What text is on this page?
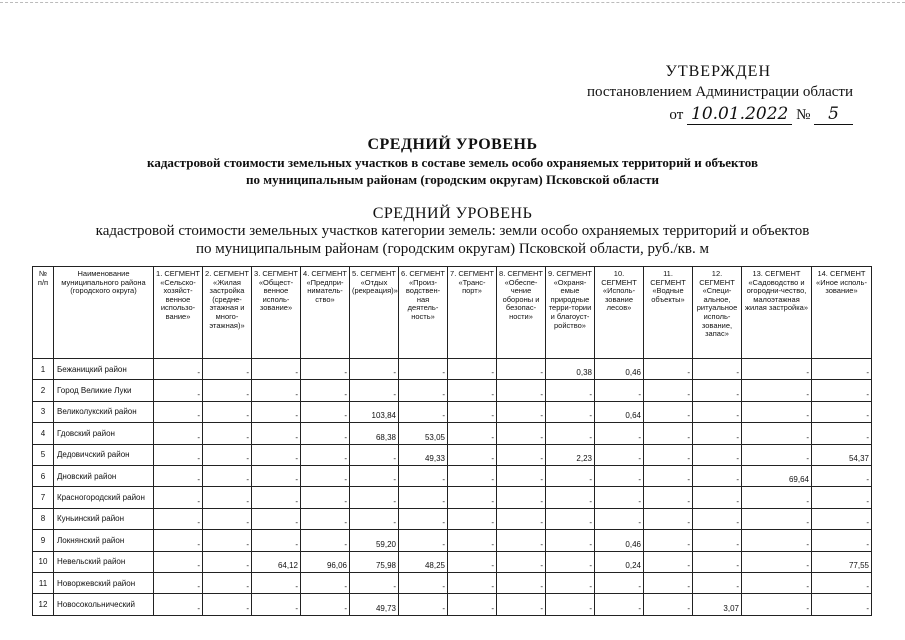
УТВЕРЖДЕН
постановлением Администрации области
от 10.01.2022 № 5
СРЕДНИЙ УРОВЕНЬ
кадастровой стоимости земельных участков в составе земель особо охраняемых территорий и объектов
по муниципальным районам (городским округам) Псковской области
СРЕДНИЙ УРОВЕНЬ
кадастровой стоимости земельных участков категории земель: земли особо охраняемых территорий и объектов
по муниципальным районам (городским округам) Псковской области, руб./кв. м
№ п/п	Наименование муниципального района (городского округа)	1. СЕГМЕНТ «Сельско-хозяйст-венное использо-вание»	2. СЕГМЕНТ «Жилая застройка (средне-этажная и много-этажная)»	3. СЕГМЕНТ «Общест-венное исполь-зование»	4. СЕГМЕНТ «Предпри-ниматель-ство»	5. СЕГМЕНТ «Отдых (рекреация)»	6. СЕГМЕНТ «Произ-водствен-ная деятель-ность»	7. СЕГМЕНТ «Транс-порт»	8. СЕГМЕНТ «Обеспе-чение обороны и безопас-ности»	9. СЕГМЕНТ «Охраня-емые природные терри-тории и благоуст-ройство»	10. СЕГМЕНТ «Исполь-зование лесов»	11. СЕГМЕНТ «Водные объекты»	12. СЕГМЕНТ «Специ-альное, ритуальное исполь-зование, запас»	13. СЕГМЕНТ «Садоводство и огородни-чество, малоэтажная жилая застройка»	14. СЕГМЕНТ «Иное исполь-зование»
1	Бежаницкий район	-	-	-	-	-	-	-	-	0,38	0,46	-	-	-	-
2	Город Великие Луки	-	-	-	-	-	-	-	-	-	-	-	-	-	-
3	Великолукский район	-	-	-	-	103,84	-	-	-	-	0,64	-	-	-	-
4	Гдовский район	-	-	-	-	68,38	53,05	-	-	-	-	-	-	-	-
5	Дедовичский район	-	-	-	-	-	49,33	-	-	2,23	-	-	-	-	54,37
6	Дновский район	-	-	-	-	-	-	-	-	-	-	-	-	69,64	-
7	Красногородский район	-	-	-	-	-	-	-	-	-	-	-	-	-	-
8	Куньинский район	-	-	-	-	-	-	-	-	-	-	-	-	-	-
9	Локнянский район	-	-	-	-	59,20	-	-	-	-	0,46	-	-	-	-
10	Невельский район	-	-	64,12	96,06	75,98	48,25	-	-	-	0,24	-	-	-	77,55
11	Новоржевский район	-	-	-	-	-	-	-	-	-	-	-	-	-	-
12	Новосокольнический	-	-	-	-	49,73	-	-	-	-	-	-	3,07	-	-
